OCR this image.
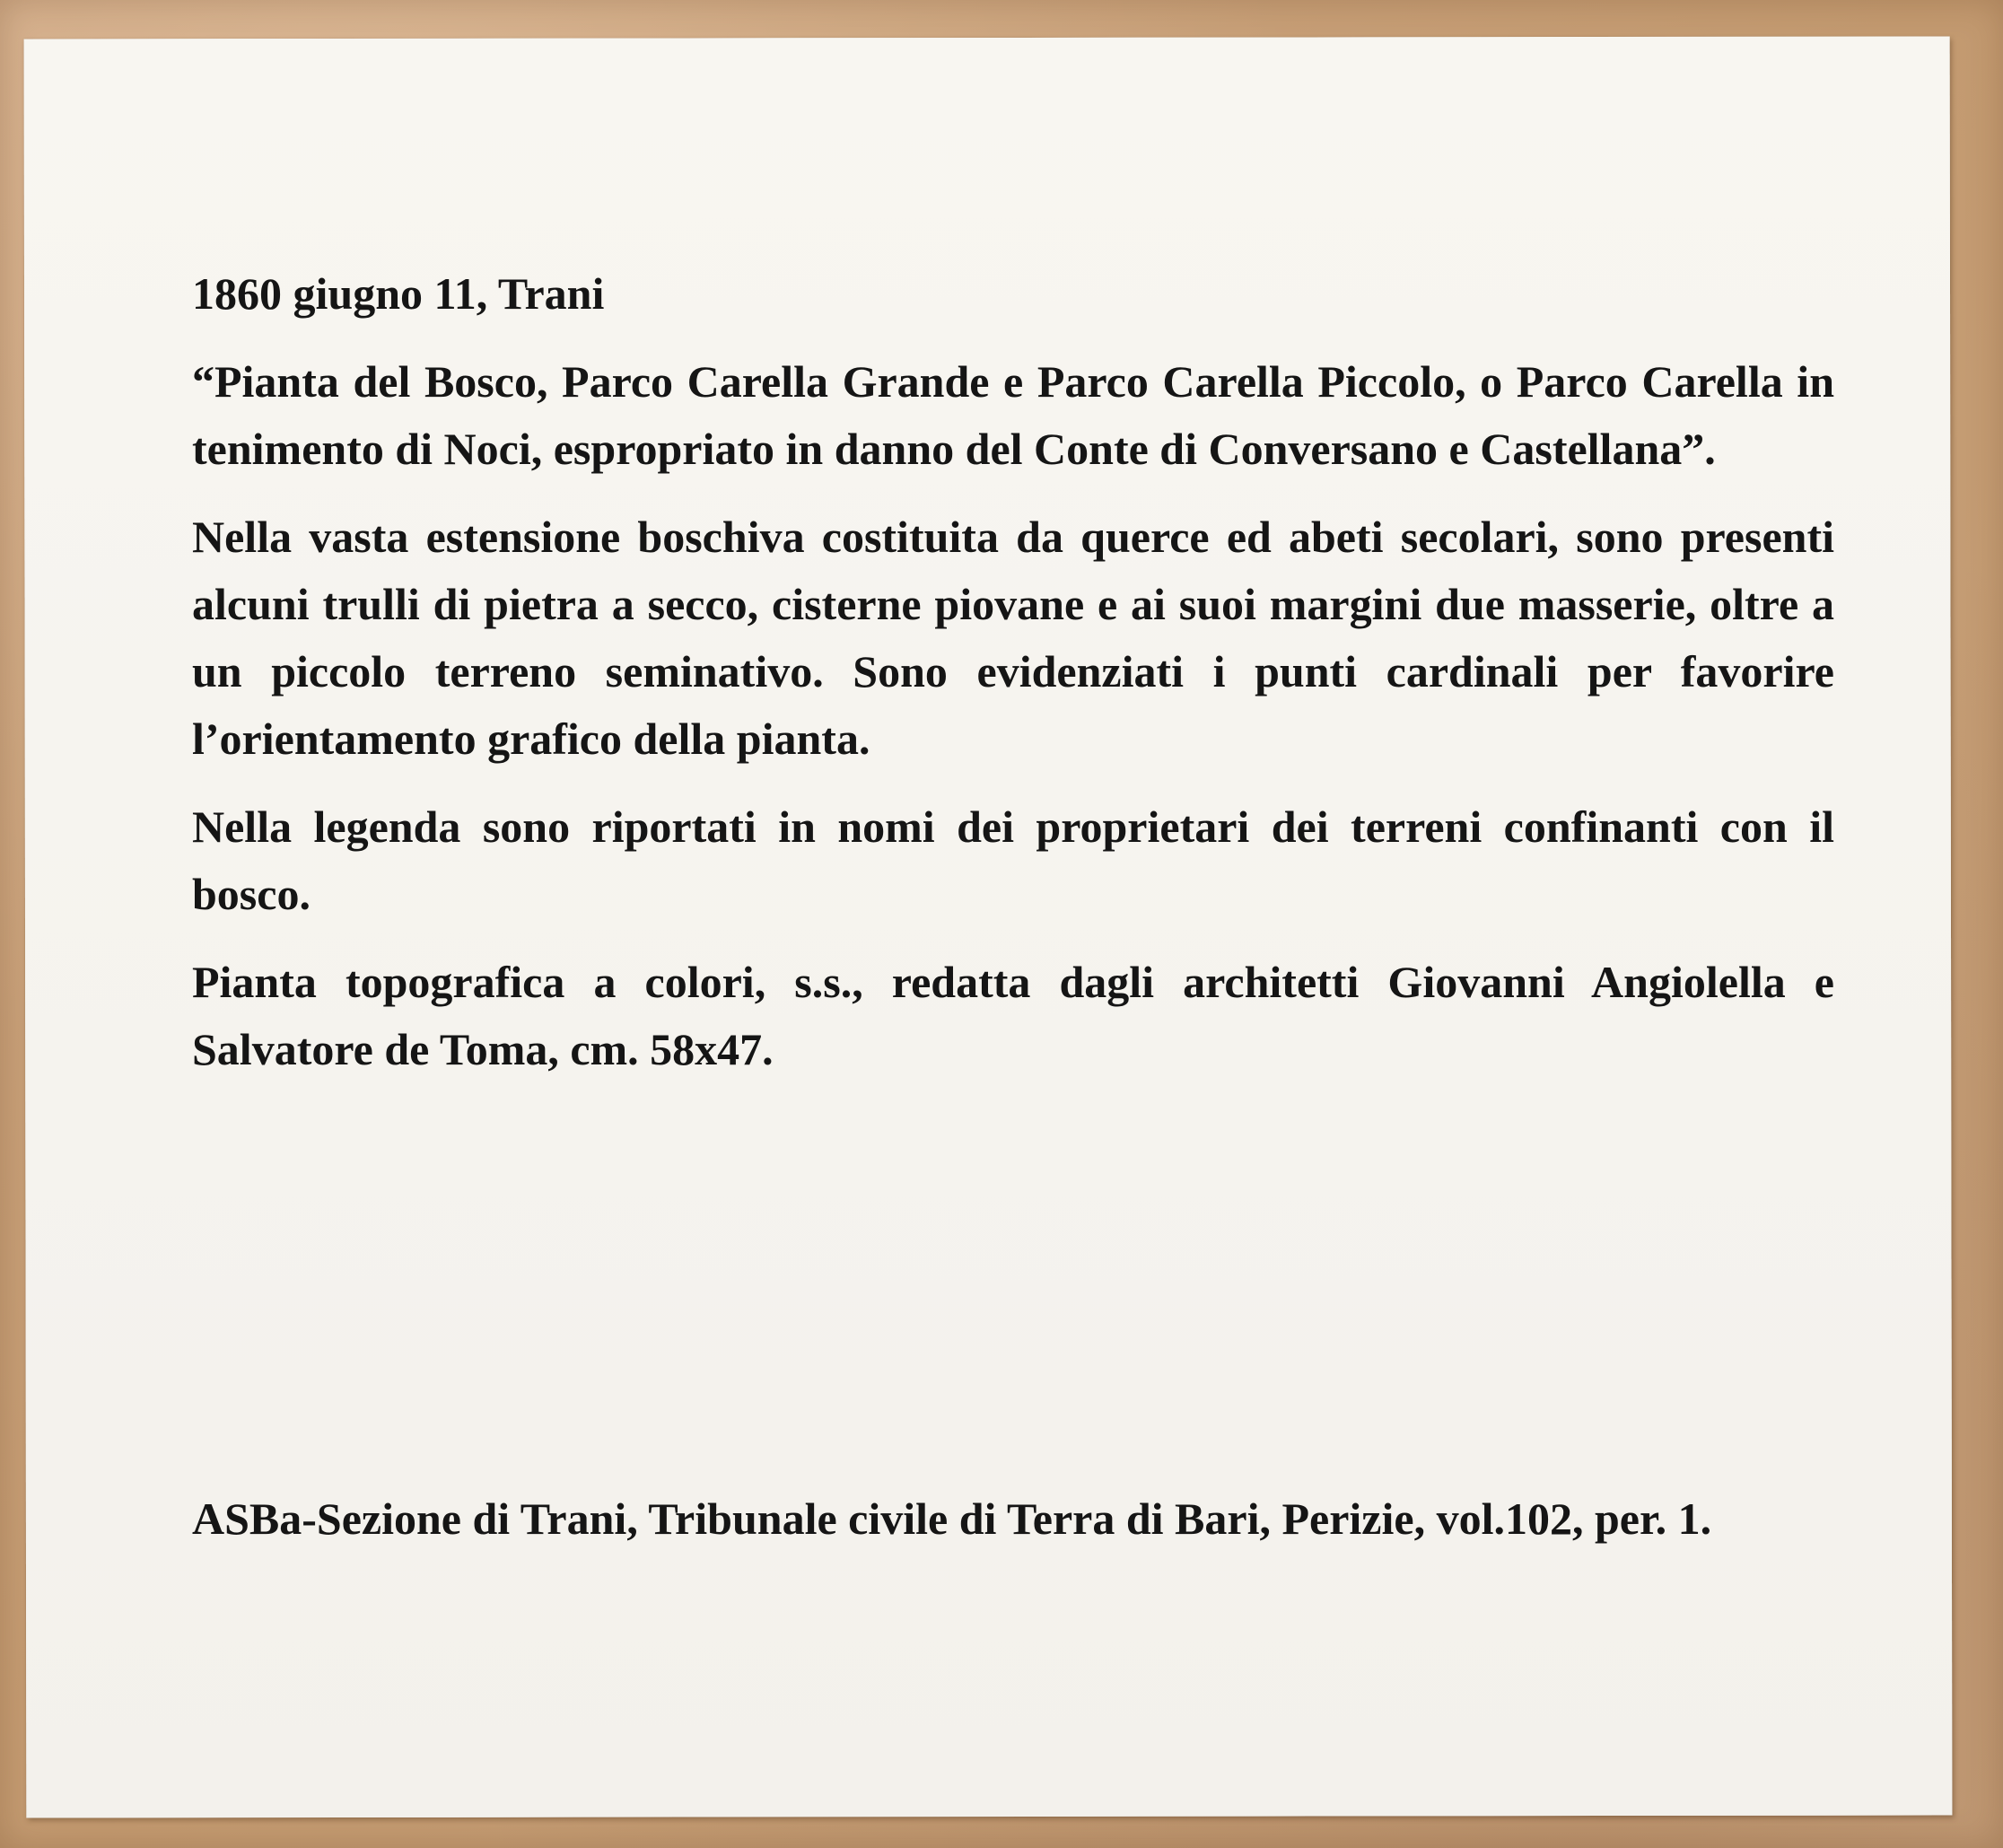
1860 giugno 11, Trani

“Pianta del Bosco, Parco Carella Grande e Parco Carella Piccolo, o Parco Carella in tenimento di Noci, espropriato in danno del Conte di Conversano e Castellana”.

Nella vasta estensione boschiva costituita da querce ed abeti secolari, sono presenti alcuni trulli di pietra a secco, cisterne piovane e ai suoi margini due masserie, oltre a un piccolo terreno seminativo. Sono evidenziati i punti cardinali per favorire l’orientamento grafico della pianta.

Nella legenda sono riportati in nomi dei proprietari dei terreni confinanti con il bosco.

Pianta topografica a colori, s.s., redatta dagli architetti Giovanni Angiolella e Salvatore de Toma, cm. 58x47.

ASBa-Sezione di Trani, Tribunale civile di Terra di Bari, Perizie, vol.102, per. 1.
